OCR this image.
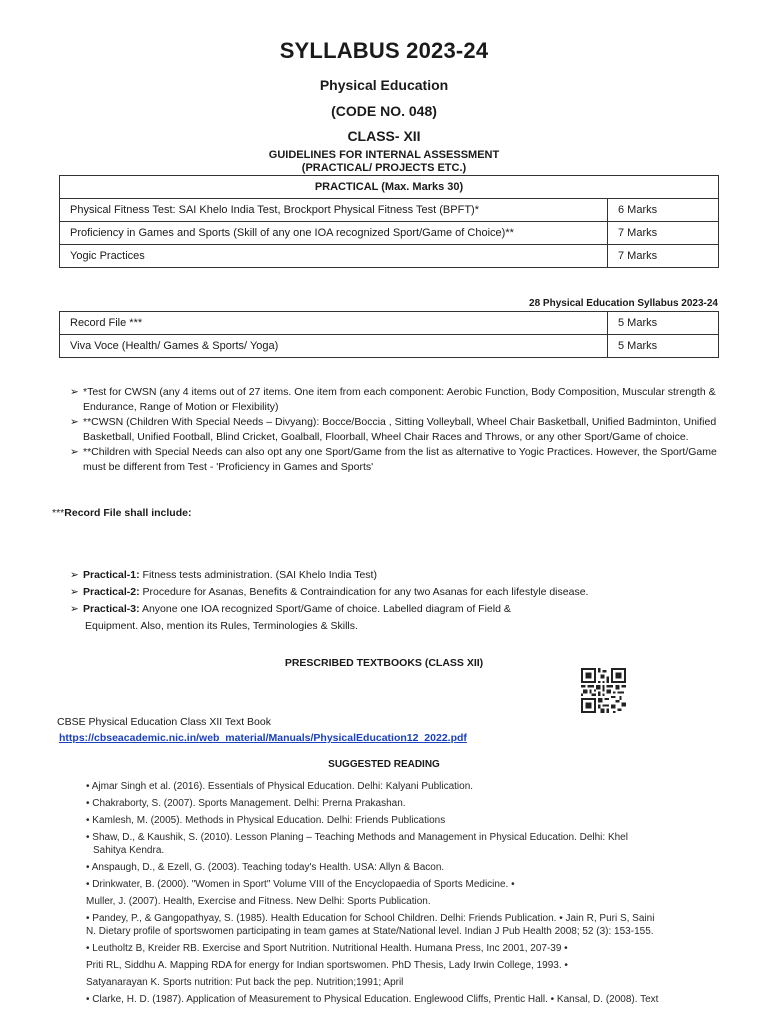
SYLLABUS 2023-24
Physical Education
(CODE NO. 048)
CLASS- XII
GUIDELINES FOR INTERNAL ASSESSMENT
(PRACTICAL/ PROJECTS ETC.)
PRACTICAL (Max. Marks 30)	
Physical Fitness Test: SAI Khelo India Test, Brockport Physical Fitness Test (BPFT)*	6 Marks
Proficiency in Games and Sports (Skill of any one IOA recognized Sport/Game of Choice)**	7 Marks
Yogic Practices	7 Marks
28 Physical Education Syllabus 2023-24
Record File ***	5 Marks
Viva Voce (Health/ Games & Sports/ Yoga)	5 Marks
➢ *Test for CWSN (any 4 items out of 27 items. One item from each component: Aerobic Function, Body Composition, Muscular strength & Endurance, Range of Motion or Flexibility)
➢ **CWSN (Children With Special Needs – Divyang): Bocce/Boccia , Sitting Volleyball, Wheel Chair Basketball, Unified Badminton, Unified Basketball, Unified Football, Blind Cricket, Goalball, Floorball, Wheel Chair Races and Throws, or any other Sport/Game of choice.
➢ **Children with Special Needs can also opt any one Sport/Game from the list as alternative to Yogic Practices. However, the Sport/Game must be different from Test - 'Proficiency in Games and Sports'
***Record File shall include:
➢ Practical-1: Fitness tests administration. (SAI Khelo India Test)
➢ Practical-2: Procedure for Asanas, Benefits & Contraindication for any two Asanas for each lifestyle disease.
➢ Practical-3: Anyone one IOA recognized Sport/Game of choice. Labelled diagram of Field &
Equipment. Also, mention its Rules, Terminologies & Skills.
PRESCRIBED TEXTBOOKS (CLASS XII)
CBSE Physical Education Class XII Text Book
https://cbseacademic.nic.in/web_material/Manuals/PhysicalEducation12_2022.pdf
SUGGESTED READING
• Ajmar Singh et al. (2016). Essentials of Physical Education. Delhi: Kalyani Publication.
• Chakraborty, S. (2007). Sports Management. Delhi: Prerna Prakashan.
• Kamlesh, M. (2005). Methods in Physical Education. Delhi: Friends Publications
• Shaw, D., & Kaushik, S. (2010). Lesson Planing – Teaching Methods and Management in Physical Education. Delhi: Khel
Sahitya Kendra.
• Anspaugh, D., & Ezell, G. (2003). Teaching today's Health. USA: Allyn & Bacon.
• Drinkwater, B. (2000). "Women in Sport" Volume VIII of the Encyclopaedia of Sports Medicine. •
Muller, J. (2007). Health, Exercise and Fitness. New Delhi: Sports Publication.
• Pandey, P., & Gangopathyay, S. (1985). Health Education for School Children. Delhi: Friends Publication. • Jain R, Puri S, Saini
N. Dietary profile of sportswomen participating in team games at State/National level. Indian J Pub Health 2008; 52 (3): 153-155.
• Leutholtz B, Kreider RB. Exercise and Sport Nutrition. Nutritional Health. Humana Press, Inc 2001, 207-39 •
Priti RL, Siddhu A. Mapping RDA for energy for Indian sportswomen. PhD Thesis, Lady Irwin College, 1993. •
Satyanarayan K. Sports nutrition: Put back the pep. Nutrition;1991; April
• Clarke, H. D. (1987). Application of Measurement to Physical Education. Englewood Cliffs, Prentic Hall. • Kansal, D. (2008). Text
